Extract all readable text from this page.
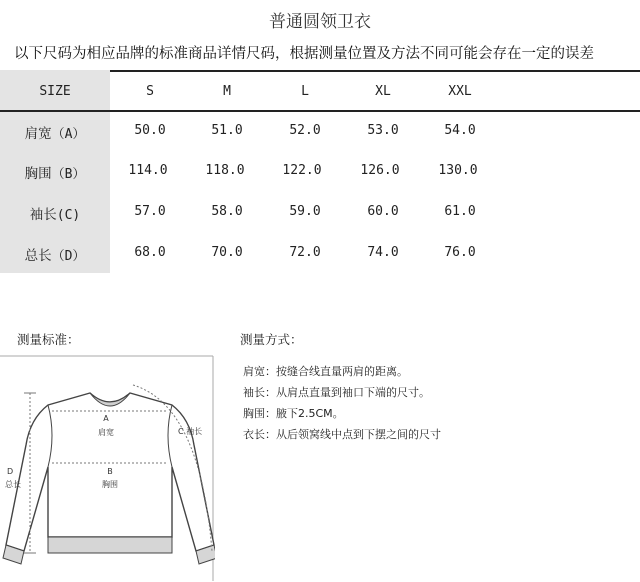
普通圆领卫衣
以下尺码为相应品牌的标准商品详情尺码，根据测量位置及方法不同可能会存在一定的误差
SIZE	S	M	L	XL	XXL
肩宽（A）	50.0	51.0	52.0	53.0	54.0
胸围（B）	114.0	118.0	122.0	126.0	130.0
袖长(C)	57.0	58.0	59.0	60.0	61.0
总长（D）	68.0	70.0	72.0	74.0	76.0
测量标准：
A
肩宽
B
胸围
C 袖长
D
总长
测量方式：
肩宽：按缝合线直量两肩的距离。
袖长：从肩点直量到袖口下端的尺寸。
胸围：腋下2.5CM。
衣长：从后领窝线中点到下摆之间的尺寸
